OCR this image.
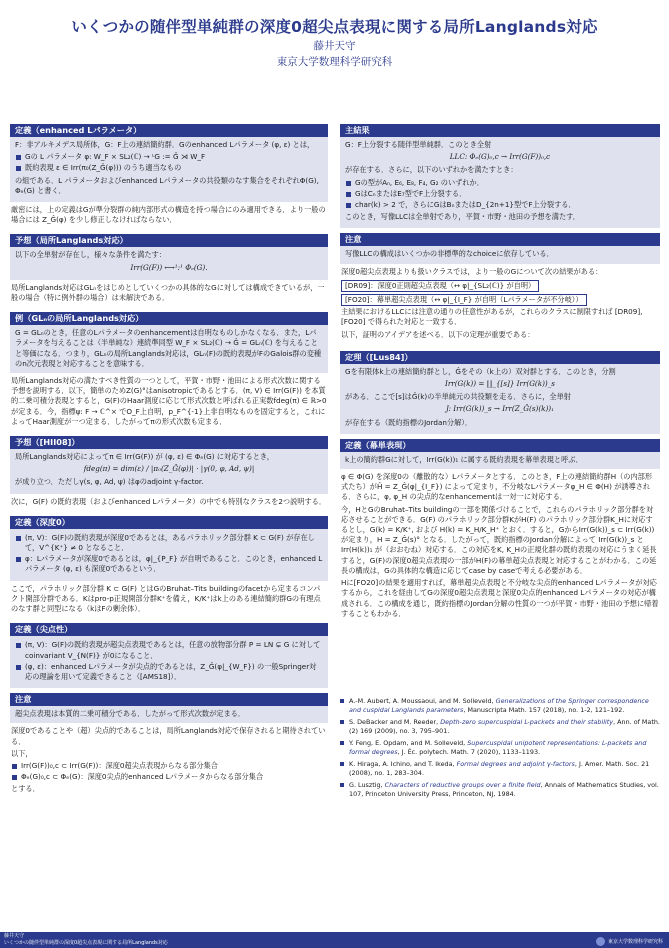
いくつかの随伴型単純群の深度0超尖点表現に関する局所Langlands対応
藤井天守
東京大学数理科学研究科
定義（enhanced Lパラメータ）

F：非アルキメデス局所体，G：F上の連結簡約群．Gのenhanced Lパラメータ (φ, ε) とは，

Gの L パラメータ φ: W_F × SL₂(ℂ) → ᴸG := Ĝ ⋊ W_F
既約表現 ε ∈ Irr(π₀(Z_Ĝ(φ))) のうち適当なもの

の組である．L パラメータおよびenhanced Lパラメータの共役類のなす集合をそれぞれΦ(G), Φₑ(G) と書く．

厳密には，上の定義はGが準分裂群の純内部形式の構造を持つ場合にのみ適用できる．より一般の場合には Z_Ĝ(φ) を少し修正しなければならない．
予想（局所Langlands対応）

以下の全単射が存在し，様々な条件を満たす：

Irr(G(F)) ⟷¹:¹ Φₑ(G).
局所Langlands対応はGLₙをはじめとしていくつかの具体的なGに対しては構成できているが，一般の場合（特に例外群の場合）は未解決である．
例（GLₙの局所Langlands対応）
G = GLₙのとき，任意のLパラメータのenhancementは自明なものしかなくなる．また，Lパラメータを与えることは（半単純な）連続準同型 W_F × SL₂(ℂ) → Ĝ = GLₙ(ℂ) を与えることと等価になる．つまり，GLₙの局所Langlands対応は，GLₙ(F)の既約表現がFのGalois群の変種のn次元表現と対応することを意味する．
局所Langlands対応の満たすべき性質の一つとして，平賀・市野・池田による形式次数に関する予想を説明する．以下，簡単のためZ(G)°はanisotropicであるとする．(π, V) ∈ Irr(G(F)) を本質的二乗可積分表現とすると，G(F)のHaar測度に応じて形式次数と呼ばれる正実数fdeg(π) ∈ ℝ>0が定まる．今，指標ψ: F → ℂ^× でO_F上自明，p_F^{-1}上非自明なものを固定すると，これによってHaar測度が一つ定まる．したがってπの形式次数も定まる．
予想（[HII08]）

局所Langlands対応によってπ ∈ Irr(G(F)) が (φ, ε) ∈ Φₑ(G) に対応するとき，

fdeg(π) = dim(ε) / |π₀(Z_Ĝ(φ))| · |γ(0, φ, Ad, ψ)|

が成り立つ．ただしγ(s, φ, Ad, ψ) はφのadjoint γ-factor.

次に，G(F) の既約表現（およびenhanced Lパラメータ）の中でも特別なクラスを2つ説明する．
定義（深度0）
(π, V)：G(F)の既約表現が深度0であるとは，あるパラホリック部分群 K ⊂ G(F) が存在して，V^{K⁺} ≠ 0 となること．
φ：Lパラメータが深度0であるとは，φ|_{P_F} が自明であること．このとき，enhanced Lパラメータ (φ, ε) も深度0であるという．
ここで，パラホリック部分群 K ⊂ G(F) とはGのBruhat–Tits buildingのfacetから定まるコンパクト開部分群である．Kはpro-p正規開部分群K⁺を備え，K/K⁺はk上のある連結簡約群Gの有理点のなす群と同型になる（kはFの剰余体）．
定義（尖点性）
(π, V)：G(F)の既約表現が超尖点表現であるとは，任意の放物部分群 P = LN ⊊ G に対してcoinvariant V_{N(F)} が0になること．
(φ, ε)：enhanced Lパラメータが尖点的であるとは，Z_Ĝ(φ|_{W_F}) の一般Springer対応の理論を用いて定義できること（[AMS18]）．
注意
超尖点表現は本質的二乗可積分である．したがって形式次数が定まる．

深度0であることや（超）尖点的であることは，局所Langlands対応で保存されると期待されている．

以下，

Irr(G(F))₀,c ⊂ Irr(G(F))：深度0超尖点表現からなる部分集合
Φₑ(G)₀,c ⊂ Φₑ(G)：深度0尖点的enhanced Lパラメータからなる部分集合

とする．

主結果

G：F上分裂する随伴型単純群．このとき全射

LLC: Φₑ(G)₀,c → Irr(G(F))₀,c

が存在する．さらに，以下のいずれかを満たすとき：

Gの型がAₙ, E₆, E₈, F₄, G₂ のいずれか．
GはCₙまたはE₇型でF上分裂する．
char(k) > 2 で，さらにGはBₙまたはD_{2n+1}型でF上分裂する．

このとき，写像LLCは全単射であり，平賀・市野・池田の予想を満たす．

注意
写像LLCの構成はいくつかの非標準的なchoiceに依存している．

深度0超尖点表現よりも扱いクラスでは，より一般のGについて次の結果がある：

[DR09]：深度0正則超尖点表現（↔ φ|_{SL₂(ℂ)} が自明）
[FO20]：幕単超尖点表現（↔ φ|_{I_F} が自明（Lパラメータが不分岐））

主結果におけるLLCには注意の通りの任意性があるが，これらのクラスに制限すれば [DR09], [FO20] で得られた対応と一致する．

以下，証明のアイデアを述べる．以下の定理が重要である：

定理（[Lus84]）

Gを有限体k上の連結簡約群とし，Ĝをその（k上の）双対群とする．このとき，分割

Irr(G(k)) = ∐_{[s]} Irr(G(k))_s

がある．ここで[s]はĜ(k)の半単純元の共役類を走る．さらに，全単射

J: Irr(G(k))_s → Irr(Z_Ĝ(s)(k))₁

が存在する（既約指標のJordan分解）．

定義（幕単表現）
k上の簡約群Gに対して，Irr(G(k))₁ に属する既約表現を幕単表現と呼ぶ．

φ ∈ Φ(G) を深度0の（離散的な）Lパラメータとする．このとき，F上の連結簡約群H（の内部形式たち）がĤ = Z_Ĝ(φ|_{I_F}) によって定まり，不分岐なLパラメータφ_H ∈ Φ(H) が誘導される．さらに，φ, φ_H の尖点的なenhancementは一対一に対応する．

今，HとGのBruhat–Tits buildingの一部を関係づけることで，これらのパラホリック部分群を対応させることができる．G(F) のパラホリック部分群KがH(F) のパラホリック部分群K_Hに対応するとし，G(k) = K/K⁺, および H(k) = K_H/K_H⁺ とおく．すると，GからIrr(G(k))_s ⊂ Irr(G(k)) が定まり，H = Z_Ĝ(s)° となる．したがって，既約指標のJordan分解によって Irr(G(k))_s と Irr(H(k))₁ が（おおむね）対応する．この対応をK, K_Hの正規化群の既約表現の対応にうまく延長すると，G(F)の深度0超尖点表現の一部がH(F)の幕単超尖点表現と対応することがわかる．この延長の構成は，Gの具体的な構造に応じてcase by caseで考える必要がある．

Hに[FO20]の結果を適用すれば，幕単超尖点表現と不分岐な尖点的enhanced Lパラメータが対応するから，これを経由してGの深度0超尖点表現と深度0尖点的enhanced Lパラメータの対応が構成される．この構成を通じ，既約指標のJordan分解の性質の一つが平賀・市野・池田の予想に帰着することもわかる．

A.-M. Aubert, A. Moussaoui, and M. Solleveld, Generalizations of the Springer correspondence and cuspidal Langlands parameters, Manuscripta Math. 157 (2018), no. 1-2, 121–192.
S. DeBacker and M. Reeder, Depth-zero supercuspidal L-packets and their stability, Ann. of Math. (2) 169 (2009), no. 3, 795–901.
Y. Feng, E. Opdam, and M. Solleveld, Supercuspidal unipotent representations: L-packets and formal degrees, J. Éc. polytech. Math. 7 (2020), 1133–1193.
K. Hiraga, A. Ichino, and T. Ikeda, Formal degrees and adjoint γ-factors, J. Amer. Math. Soc. 21 (2008), no. 1, 283–304.
G. Lusztig, Characters of reductive groups over a finite field, Annals of Mathematics Studies, vol. 107, Princeton University Press, Princeton, NJ, 1984.
藤井天守
いくつかの随伴型単純群の深度0超尖点表現に関する局所Langlands対応	東京大学数理科学研究科
